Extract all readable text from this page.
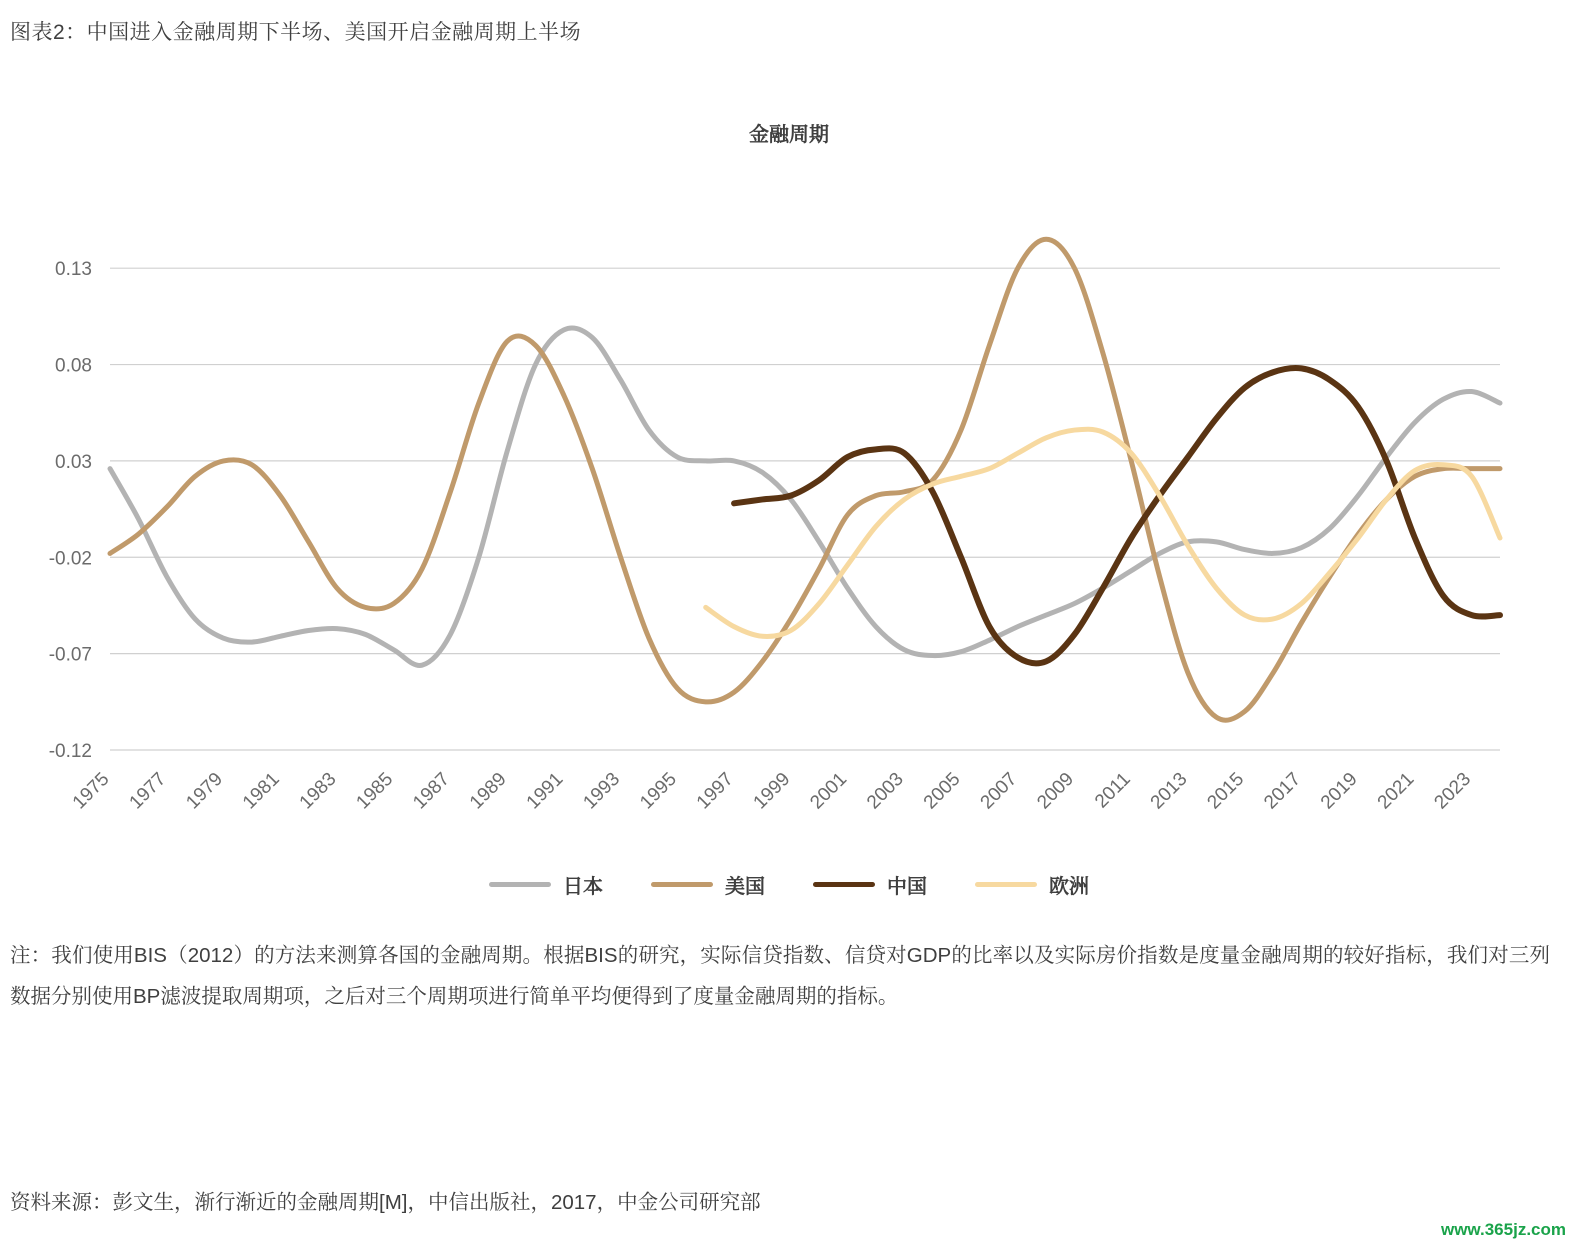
图表2：中国进入金融周期下半场、美国开启金融周期上半场
金融周期
-0.12
-0.07
-0.02
0.03
0.08
0.13
1975 1977 1979 1981 1983 1985 1987 1989 1991 1993 1995 1997 1999 2001 2003 2005 2007 2009 2011 2013 2015 2017 2019 2021 2023
日本	美国	中国	欧洲
注：我们使用BIS（2012）的方法来测算各国的金融周期。根据BIS的研究，实际信贷指数、信贷对GDP的比率以及实际房价指数是度量金融周期的较好指标，我们对三列数据分别使用BP滤波提取周期项，之后对三个周期项进行简单平均便得到了度量金融周期的指标。
资料来源：彭文生，渐行渐近的金融周期[M]，中信出版社，2017，中金公司研究部
www.365jz.com
